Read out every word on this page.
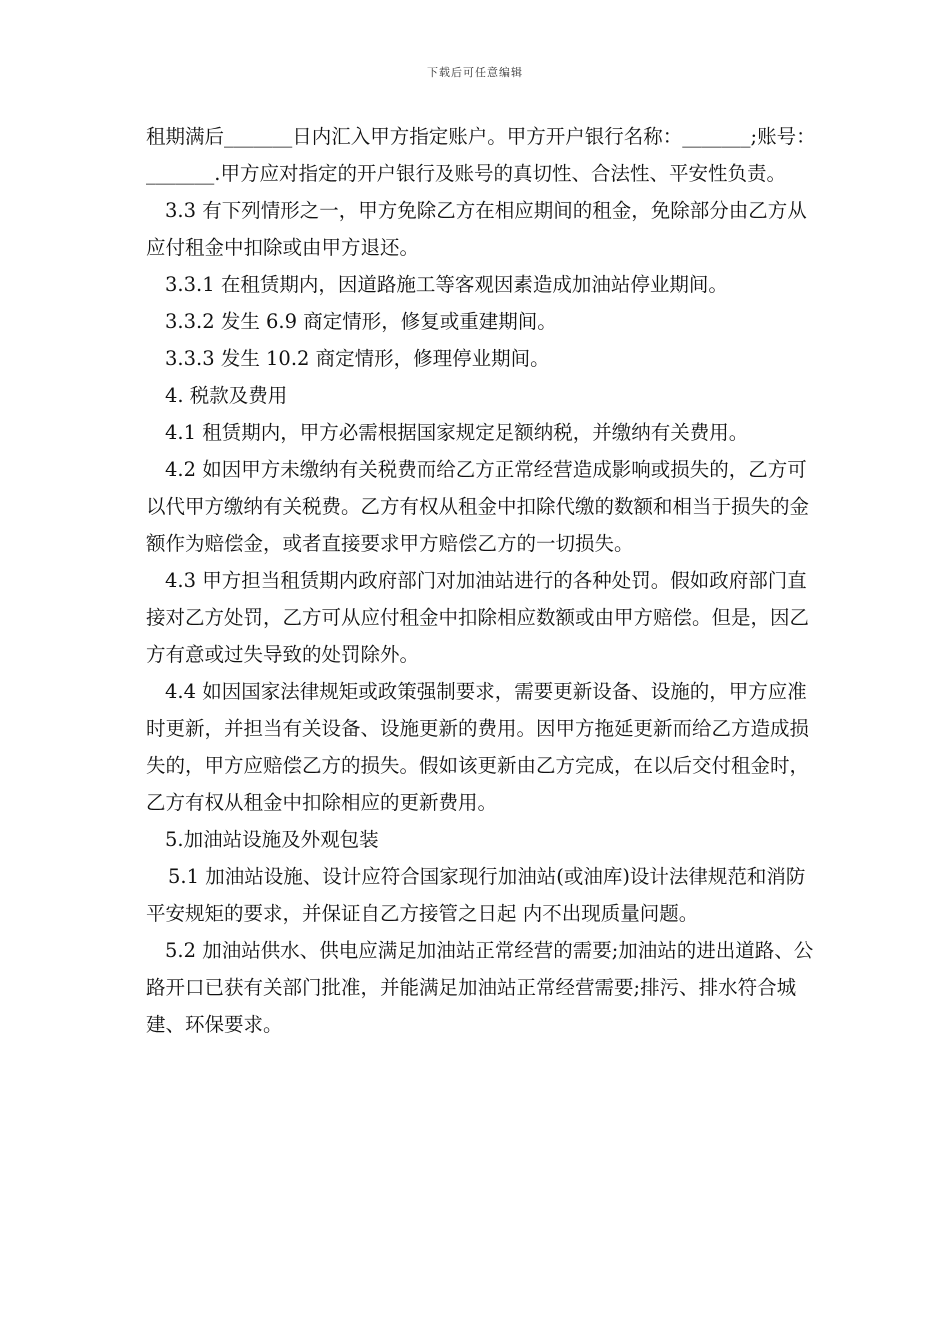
下载后可任意编辑

租期满后_______日内汇入甲方指定账户。甲方开户银行名称：_______;账号：_______.甲方应对指定的开户银行及账号的真切性、合法性、平安性负责。

3.3 有下列情形之一，甲方免除乙方在相应期间的租金，免除部分由乙方从应付租金中扣除或由甲方退还。

3.3.1 在租赁期内，因道路施工等客观因素造成加油站停业期间。

3.3.2 发生 6.9 商定情形，修复或重建期间。

3.3.3 发生 10.2 商定情形，修理停业期间。

4. 税款及费用

4.1 租赁期内，甲方必需根据国家规定足额纳税，并缴纳有关费用。

4.2 如因甲方未缴纳有关税费而给乙方正常经营造成影响或损失的，乙方可以代甲方缴纳有关税费。乙方有权从租金中扣除代缴的数额和相当于损失的金额作为赔偿金，或者直接要求甲方赔偿乙方的一切损失。

4.3 甲方担当租赁期内政府部门对加油站进行的各种处罚。假如政府部门直接对乙方处罚，乙方可从应付租金中扣除相应数额或由甲方赔偿。但是，因乙方有意或过失导致的处罚除外。

4.4 如因国家法律规矩或政策强制要求，需要更新设备、设施的，甲方应准时更新，并担当有关设备、设施更新的费用。因甲方拖延更新而给乙方造成损失的，甲方应赔偿乙方的损失。假如该更新由乙方完成，在以后交付租金时，乙方有权从租金中扣除相应的更新费用。

5.加油站设施及外观包装

5.1 加油站设施、设计应符合国家现行加油站(或油库)设计法律规范和消防平安规矩的要求，并保证自乙方接管之日起 内不出现质量问题。

5.2 加油站供水、供电应满足加油站正常经营的需要;加油站的进出道路、公路开口已获有关部门批准，并能满足加油站正常经营需要;排污、排水符合城建、环保要求。
